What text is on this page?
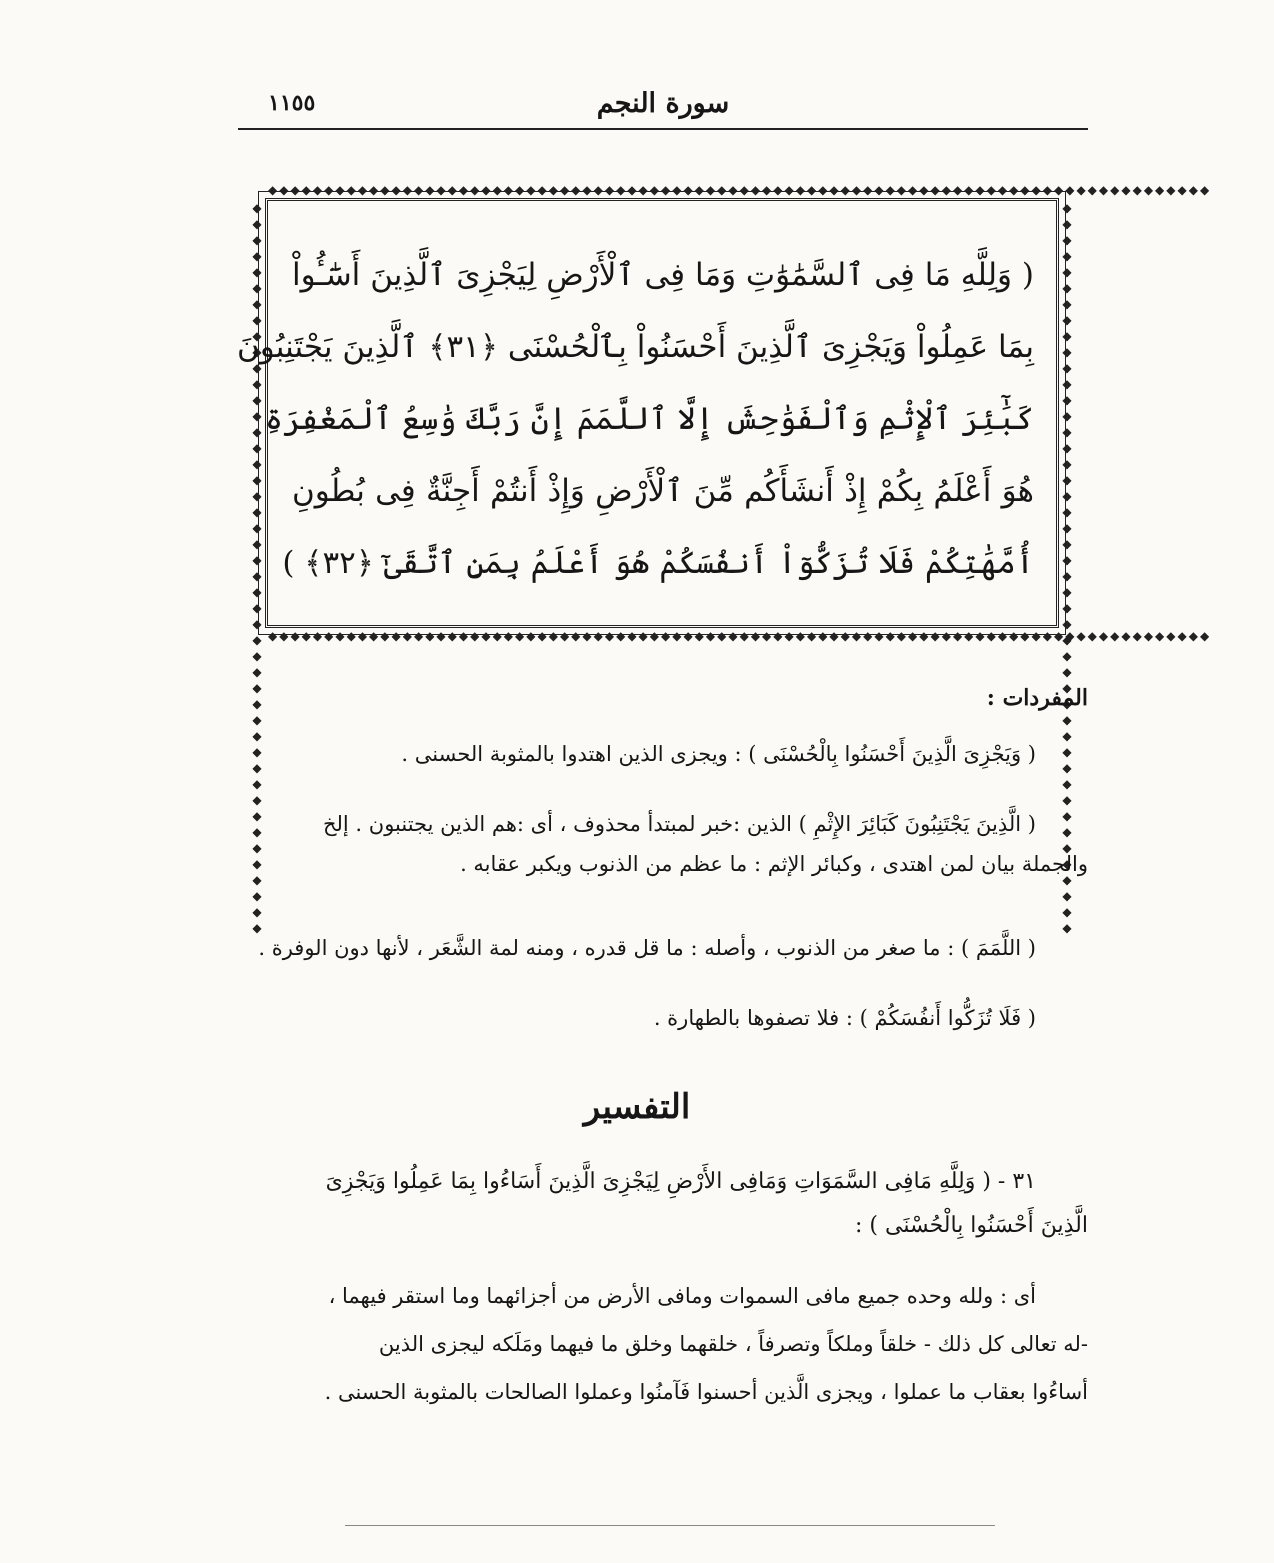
سورة النجم
١١٥٥
◆◆◆◆◆◆◆◆◆◆◆◆◆◆◆◆◆◆◆◆◆◆◆◆◆◆◆◆◆◆◆◆◆◆◆◆◆◆◆◆◆◆◆◆◆◆◆◆◆◆◆◆◆◆◆◆◆◆◆◆◆◆◆◆◆◆◆◆◆◆◆◆◆◆◆◆◆◆◆◆◆◆◆◆
◆◆◆◆◆◆◆◆◆◆◆◆◆◆◆◆◆◆◆◆◆◆◆◆◆◆◆◆◆◆◆◆◆◆◆◆◆◆◆◆◆◆◆◆◆◆◆◆◆◆◆◆◆◆◆◆◆◆◆◆◆◆◆◆◆◆◆◆◆◆◆◆◆◆◆◆◆◆◆◆◆◆◆◆
◆◆◆◆◆◆◆◆◆◆◆◆◆◆◆◆◆◆◆◆◆◆◆◆◆◆◆◆◆◆◆◆◆◆◆◆◆◆◆◆◆◆◆◆◆◆	◆◆◆◆◆◆◆◆◆◆◆◆◆◆◆◆◆◆◆◆◆◆◆◆◆◆◆◆◆◆◆◆◆◆◆◆◆◆◆◆◆◆◆◆◆◆
( وَلِلَّهِ مَا فِى ٱلسَّمَٰوَٰتِ وَمَا فِى ٱلْأَرْضِ لِيَجْزِىَ ٱلَّذِينَ أَسَٰٓـُٔواْ
بِمَا عَمِلُواْ وَيَجْزِىَ ٱلَّذِينَ أَحْسَنُواْ بِٱلْحُسْنَى ﴿٣١﴾ ٱلَّذِينَ يَجْتَنِبُونَ
كَبَٰٓئِرَ ٱلْإِثْمِ وَٱلْفَوَٰحِشَ إِلَّا ٱللَّمَمَ إِنَّ رَبَّكَ وَٰسِعُ ٱلْمَغْفِرَةِ
هُوَ أَعْلَمُ بِكُمْ إِذْ أَنشَأَكُم مِّنَ ٱلْأَرْضِ وَإِذْ أَنتُمْ أَجِنَّةٌ فِى بُطُونِ
أُمَّهَٰتِكُمْ فَلَا تُزَكُّوٓاْ أَنفُسَكُمْ هُوَ أَعْلَمُ بِمَنِ ٱتَّقَىٰٓ ﴿٣٢﴾ )
المفردات :
( وَيَجْزِىَ الَّذِينَ أَحْسَنُوا بِالْحُسْنَى ) : ويجزى الذين اهتدوا بالمثوبة الحسنى .
( الَّذِينَ يَجْتَنِبُونَ كَبَائِرَ الإِثْمِ ) الذين :خبر لمبتدأ محذوف ، أى :هم الذين يجتنبون . إلخ
والجملة بيان لمن اهتدى ، وكبائر الإثم : ما عظم من الذنوب ويكبر عقابه .
( اللَّمَمَ ) : ما صغر من الذنوب ، وأصله : ما قل قدره ، ومنه لمة الشَّعَر ، لأنها دون الوفرة .
( فَلَا تُزَكُّوا أَنفُسَكُمْ ) : فلا تصفوها بالطهارة .
التفسير
٣١ - ( وَلِلَّهِ مَافِى السَّمَوَاتِ وَمَافِى الأَرْضِ لِيَجْزِىَ الَّذِينَ أَسَاءُوا بِمَا عَمِلُوا وَيَجْزِىَ
الَّذِينَ أَحْسَنُوا بِالْحُسْنَى ) :
أى : ولله وحده جميع مافى السموات ومافى الأرض من أجزائهما وما استقر فيهما ،
-له تعالى كل ذلك - خلقاً وملكاً وتصرفاً ، خلقهما وخلق ما فيهما ومَلَكه ليجزى الذين
أساءُوا بعقاب ما عملوا ، ويجزى الَّذين أحسنوا فَآمنُوا وعملوا الصالحات بالمثوبة الحسنى .
